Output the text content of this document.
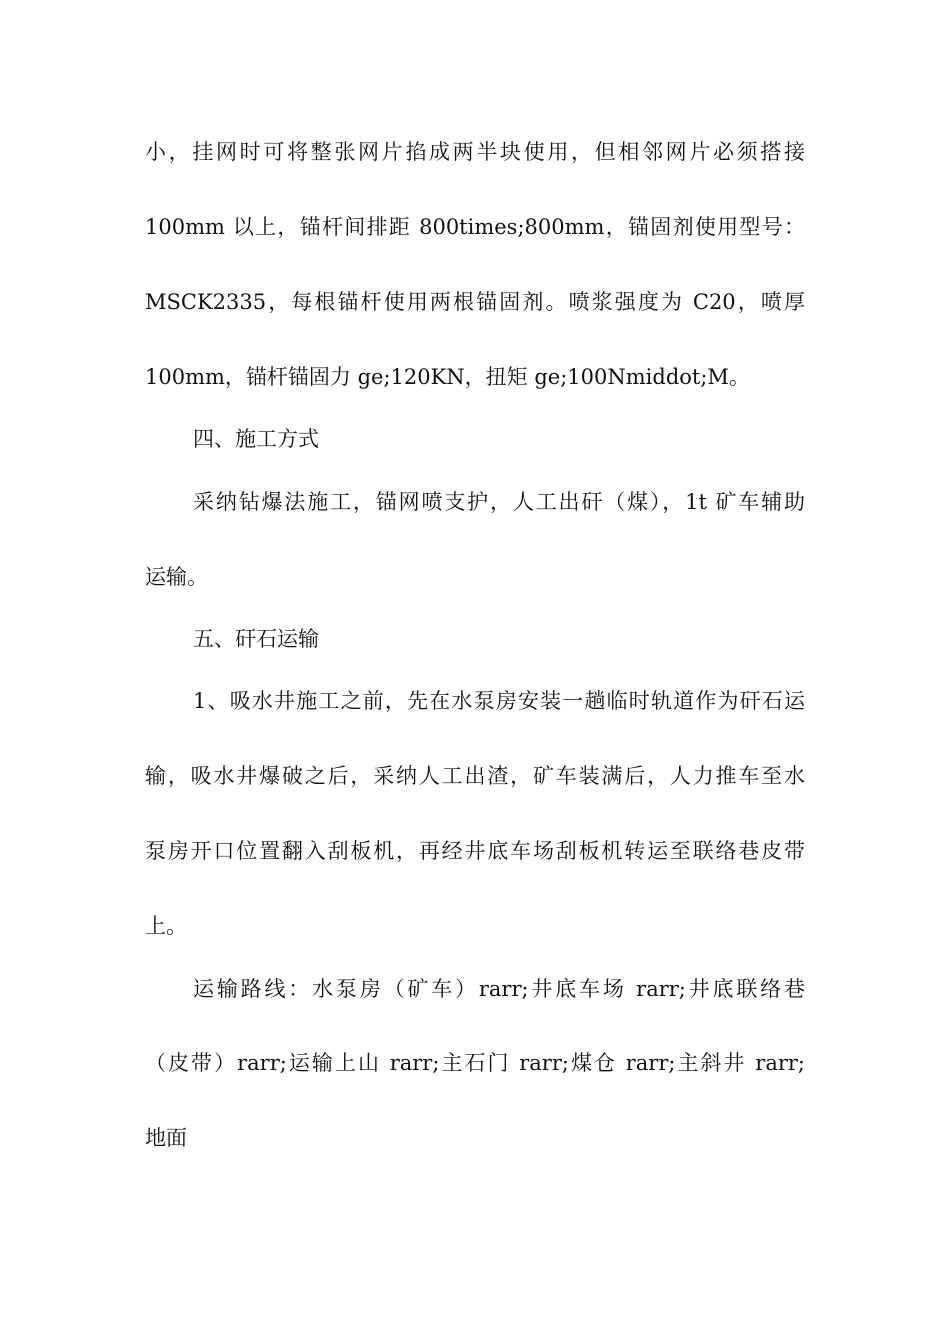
小，挂网时可将整张网片掐成两半块使用，但相邻网片必须搭接
100mm 以上，锚杆间排距 800times;800mm，锚固剂使用型号：
MSCK2335，每根锚杆使用两根锚固剂。喷浆强度为 C20，喷厚
100mm，锚杆锚固力 ge;120KN，扭矩 ge;100Nmiddot;M。
四、施工方式
采纳钻爆法施工，锚网喷支护，人工出矸（煤），1t 矿车辅助
运输。
五、矸石运输
1、吸水井施工之前，先在水泵房安装一趟临时轨道作为矸石运
输，吸水井爆破之后，采纳人工出渣，矿车装满后，人力推车至水
泵房开口位置翻入刮板机，再经井底车场刮板机转运至联络巷皮带
上。
运输路线：水泵房（矿车）rarr;井底车场 rarr;井底联络巷
（皮带）rarr;运输上山 rarr;主石门 rarr;煤仓 rarr;主斜井 rarr;
地面
